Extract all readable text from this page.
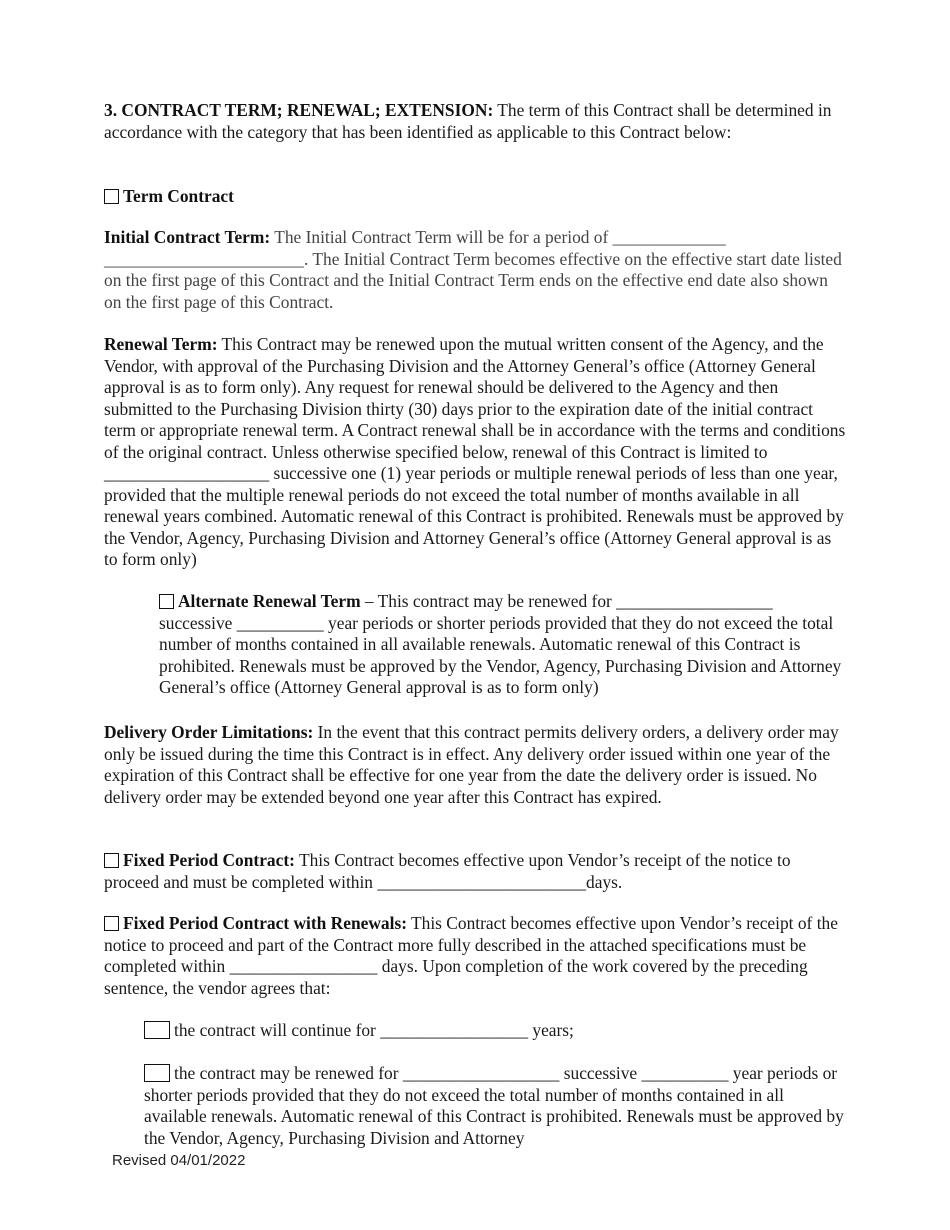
3. CONTRACT TERM; RENEWAL; EXTENSION: The term of this Contract shall be determined in accordance with the category that has been identified as applicable to this Contract below:

Term Contract

Initial Contract Term: The Initial Contract Term will be for a period of _____________ _______________________. The Initial Contract Term becomes effective on the effective start date listed on the first page of this Contract and the Initial Contract Term ends on the effective end date also shown on the first page of this Contract.

Renewal Term: This Contract may be renewed upon the mutual written consent of the Agency, and the Vendor, with approval of the Purchasing Division and the Attorney General’s office (Attorney General approval is as to form only). Any request for renewal should be delivered to the Agency and then submitted to the Purchasing Division thirty (30) days prior to the expiration date of the initial contract term or appropriate renewal term. A Contract renewal shall be in accordance with the terms and conditions of the original contract. Unless otherwise specified below, renewal of this Contract is limited to ___________________ successive one (1) year periods or multiple renewal periods of less than one year, provided that the multiple renewal periods do not exceed the total number of months available in all renewal years combined. Automatic renewal of this Contract is prohibited. Renewals must be approved by the Vendor, Agency, Purchasing Division and Attorney General’s office (Attorney General approval is as to form only)

Alternate Renewal Term – This contract may be renewed for __________________ successive __________ year periods or shorter periods provided that they do not exceed the total number of months contained in all available renewals. Automatic renewal of this Contract is prohibited. Renewals must be approved by the Vendor, Agency, Purchasing Division and Attorney General’s office (Attorney General approval is as to form only)

Delivery Order Limitations: In the event that this contract permits delivery orders, a delivery order may only be issued during the time this Contract is in effect. Any delivery order issued within one year of the expiration of this Contract shall be effective for one year from the date the delivery order is issued. No delivery order may be extended beyond one year after this Contract has expired.

Fixed Period Contract: This Contract becomes effective upon Vendor’s receipt of the notice to proceed and must be completed within ________________________days.

Fixed Period Contract with Renewals: This Contract becomes effective upon Vendor’s receipt of the notice to proceed and part of the Contract more fully described in the attached specifications must be completed within _________________ days. Upon completion of the work covered by the preceding sentence, the vendor agrees that:

the contract will continue for _________________ years;

the contract may be renewed for __________________ successive __________ year periods or shorter periods provided that they do not exceed the total number of months contained in all available renewals. Automatic renewal of this Contract is prohibited. Renewals must be approved by the Vendor, Agency, Purchasing Division and Attorney

Revised 04/01/2022
